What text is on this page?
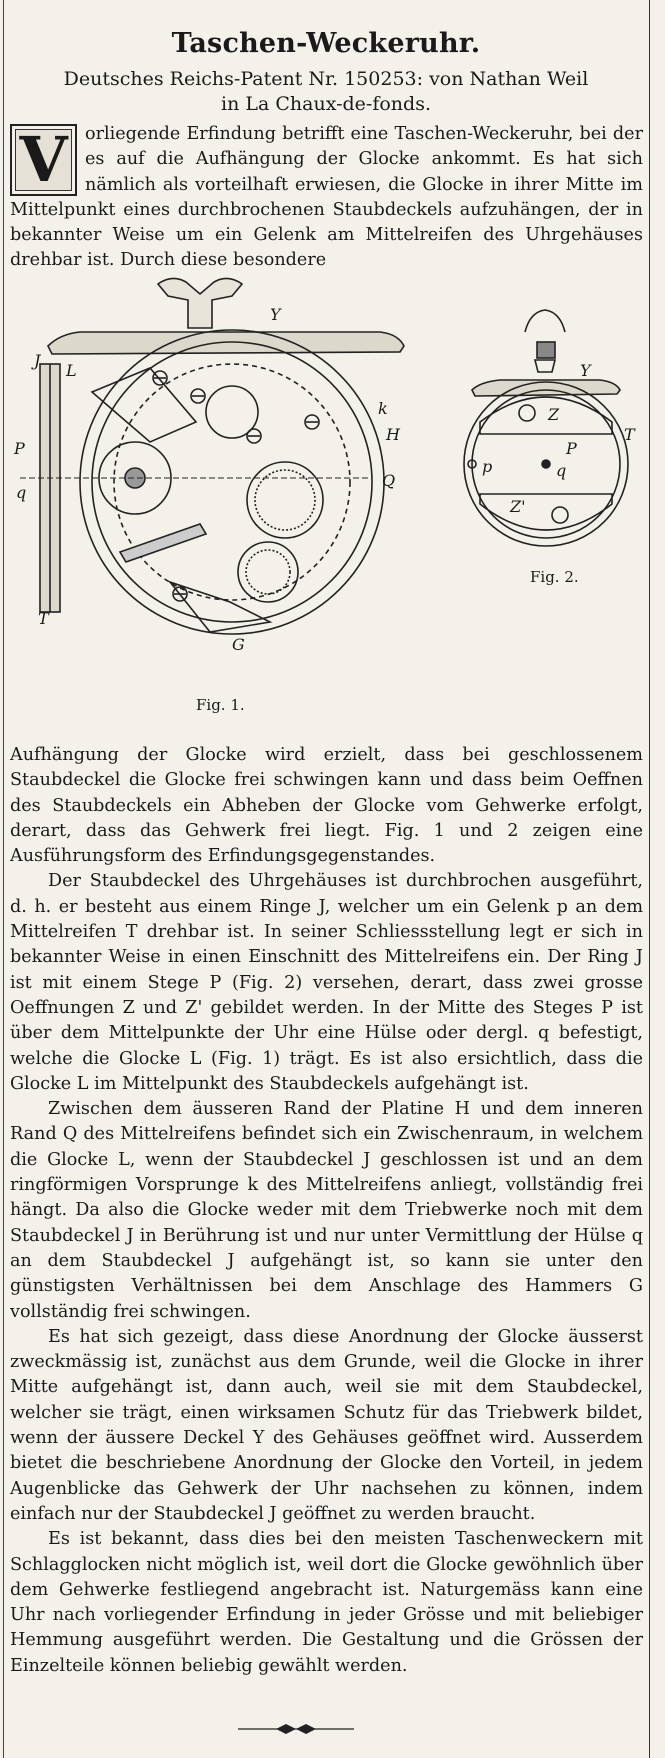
Taschen-Weckeruhr.
Deutsches Reichs-Patent Nr. 150253: von Nathan Weil
in La Chaux-de-fonds.
V orliegende Erfindung betrifft eine Taschen-Weckeruhr, bei der es auf die Aufhängung der Glocke ankommt. Es hat sich nämlich als vorteilhaft erwiesen, die Glocke in ihrer Mitte im Mittelpunkt eines durchbrochenen Staubdeckels aufzuhängen, der in bekannter Weise um ein Gelenk am Mittelreifen des Uhrgehäuses drehbar ist. Durch diese besondere

Y
J
L
k
H
P
Q
q
T
G
Y
T
p
Z
P
q
Z'
Fig. 1.
Fig. 2.

Aufhängung der Glocke wird erzielt, dass bei geschlossenem Staubdeckel die Glocke frei schwingen kann und dass beim Oeffnen des Staubdeckels ein Abheben der Glocke vom Gehwerke erfolgt, derart, dass das Gehwerk frei liegt. Fig. 1 und 2 zeigen eine Ausführungsform des Erfindungsgegenstandes.

Der Staubdeckel des Uhrgehäuses ist durchbrochen ausgeführt, d. h. er besteht aus einem Ringe J, welcher um ein Gelenk p an dem Mittelreifen T drehbar ist. In seiner Schliessstellung legt er sich in bekannter Weise in einen Einschnitt des Mittelreifens ein. Der Ring J ist mit einem Stege P (Fig. 2) versehen, derart, dass zwei grosse Oeffnungen Z und Z' gebildet werden. In der Mitte des Steges P ist über dem Mittelpunkte der Uhr eine Hülse oder dergl. q befestigt, welche die Glocke L (Fig. 1) trägt. Es ist also ersichtlich, dass die Glocke L im Mittelpunkt des Staubdeckels aufgehängt ist.

Zwischen dem äusseren Rand der Platine H und dem inneren Rand Q des Mittelreifens befindet sich ein Zwischenraum, in welchem die Glocke L, wenn der Staubdeckel J geschlossen ist und an dem ringförmigen Vorsprunge k des Mittelreifens anliegt, vollständig frei hängt. Da also die Glocke weder mit dem Triebwerke noch mit dem Staubdeckel J in Berührung ist und nur unter Vermittlung der Hülse q an dem Staubdeckel J aufgehängt ist, so kann sie unter den günstigsten Verhältnissen bei dem Anschlage des Hammers G vollständig frei schwingen.

Es hat sich gezeigt, dass diese Anordnung der Glocke äusserst zweckmässig ist, zunächst aus dem Grunde, weil die Glocke in ihrer Mitte aufgehängt ist, dann auch, weil sie mit dem Staubdeckel, welcher sie trägt, einen wirksamen Schutz für das Triebwerk bildet, wenn der äussere Deckel Y des Gehäuses geöffnet wird. Ausserdem bietet die beschriebene Anordnung der Glocke den Vorteil, in jedem Augenblicke das Gehwerk der Uhr nachsehen zu können, indem einfach nur der Staubdeckel J geöffnet zu werden braucht.

Es ist bekannt, dass dies bei den meisten Taschenweckern mit Schlagglocken nicht möglich ist, weil dort die Glocke gewöhnlich über dem Gehwerke festliegend angebracht ist. Naturgemäss kann eine Uhr nach vorliegender Erfindung in jeder Grösse und mit beliebiger Hemmung ausgeführt werden. Die Gestaltung und die Grössen der Einzelteile können beliebig gewählt werden.
